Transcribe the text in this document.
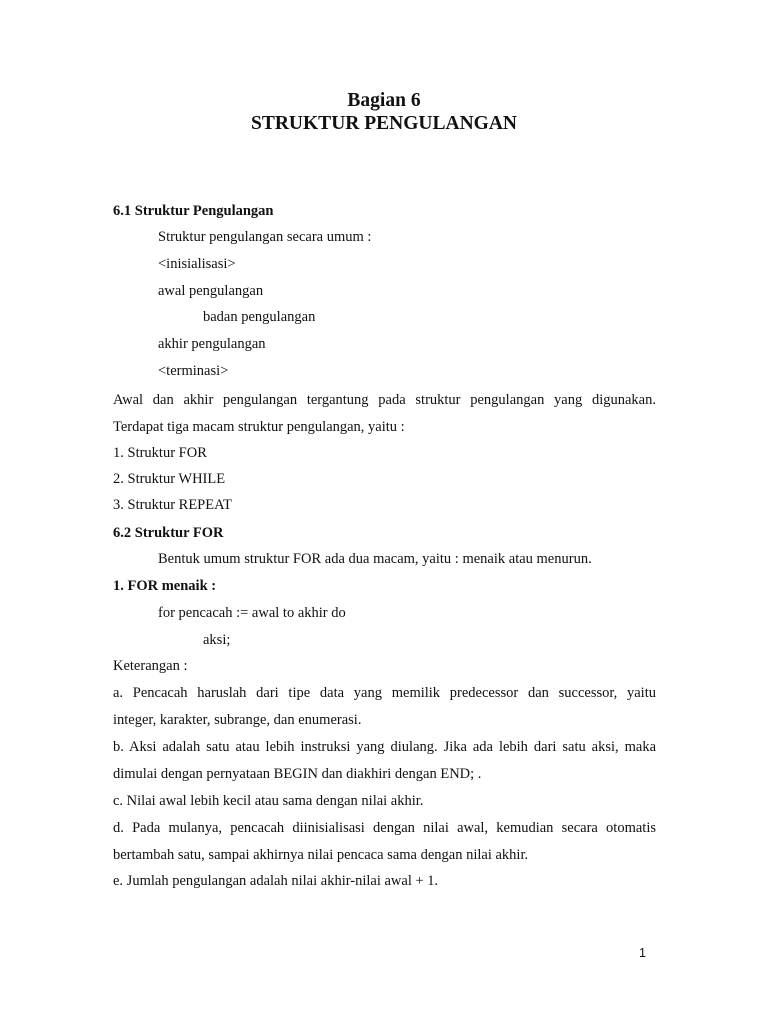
Bagian 6
STRUKTUR PENGULANGAN
6.1 Struktur Pengulangan
Struktur pengulangan secara umum :
<inisialisasi>
awal pengulangan
badan pengulangan
akhir pengulangan
<terminasi>
Awal dan akhir pengulangan tergantung pada struktur pengulangan yang digunakan.
Terdapat tiga macam struktur pengulangan, yaitu :
1. Struktur FOR
2. Struktur WHILE
3. Struktur REPEAT
6.2 Struktur FOR
Bentuk umum struktur FOR ada dua macam, yaitu : menaik atau menurun.
1. FOR menaik :
for pencacah := awal to akhir do
aksi;
Keterangan :
a. Pencacah haruslah dari tipe data yang memilik predecessor dan successor, yaitu
integer, karakter, subrange, dan enumerasi.
b. Aksi adalah satu atau lebih instruksi yang diulang. Jika ada lebih dari satu aksi, maka
dimulai dengan pernyataan BEGIN dan diakhiri dengan END; .
c. Nilai awal lebih kecil atau sama dengan nilai akhir.
d. Pada mulanya, pencacah diinisialisasi dengan nilai awal, kemudian secara otomatis
bertambah satu, sampai akhirnya nilai pencaca sama dengan nilai akhir.
e. Jumlah pengulangan adalah nilai akhir-nilai awal + 1.
1
